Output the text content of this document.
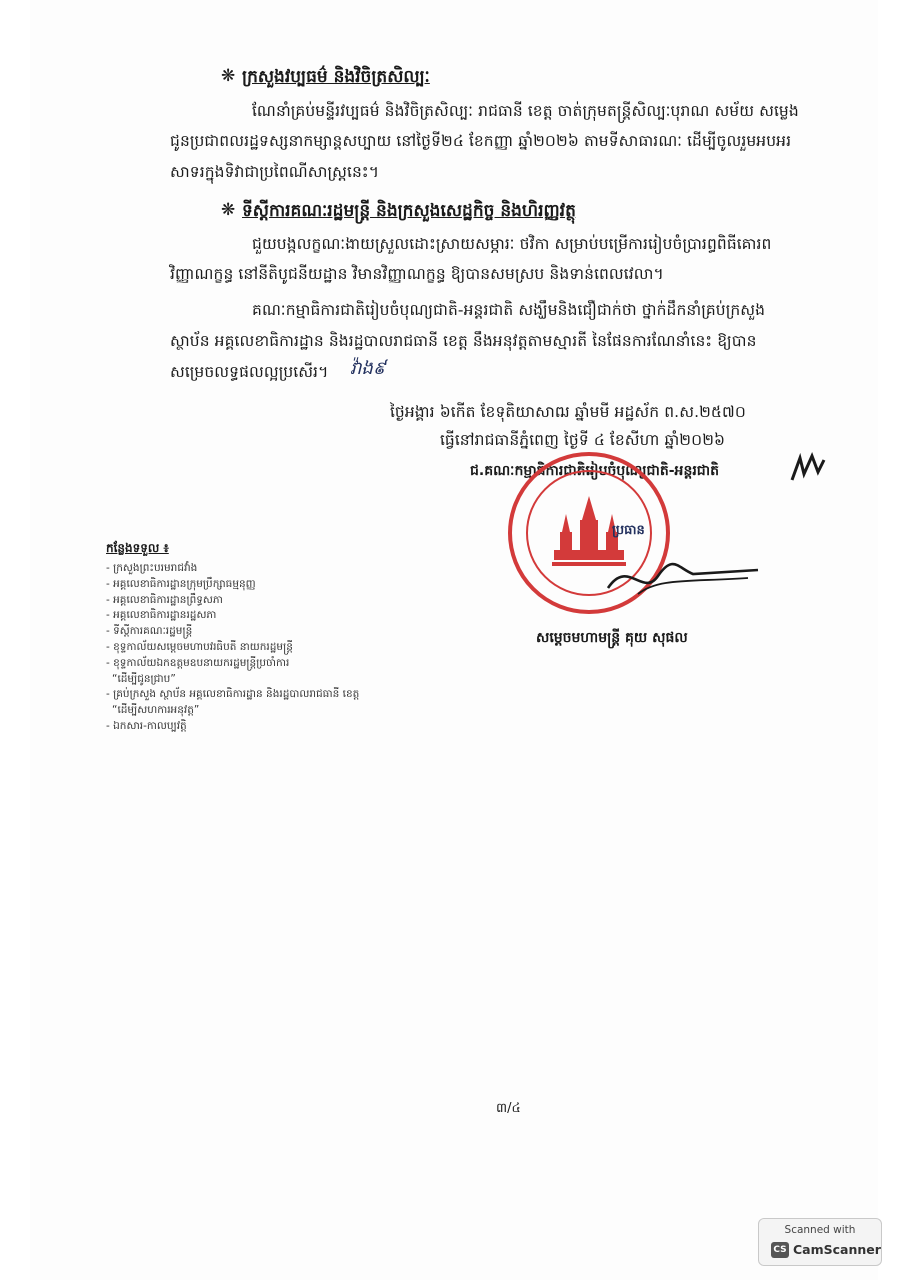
❋ ក្រសួងវប្បធម៌ និងវិចិត្រសិល្បៈ
ណែនាំគ្រប់មន្ទីរវប្បធម៌ និងវិចិត្រសិល្បៈ រាជធានី ខេត្ត ចាត់ក្រុមតន្ត្រីសិល្បៈបុរាណ សម័យ សម្លេង
ជូនប្រជាពលរដ្ឋទស្សនាកម្សាន្តសប្បាយ នៅថ្ងៃទី២៤ ខែកញ្ញា ឆ្នាំ២០២៦ តាមទីសាធារណៈ ដើម្បីចូលរួមអបអរ
សាទរក្នុងទិវាជាប្រពៃណីសាស្ត្រនេះ។
❋ ទីស្ដីការគណៈរដ្ឋមន្ត្រី និងក្រសួងសេដ្ឋកិច្ច និងហិរញ្ញវត្ថុ
ជួយបង្កលក្ខណៈងាយស្រួលដោះស្រាយសម្ភារៈ ថវិកា សម្រាប់បម្រើការរៀបចំប្រារព្ធពិធីគោរព
វិញ្ញាណក្ខន្ធ នៅនីតិបូជនីយដ្ឋាន វិមានវិញ្ញាណក្ខន្ធ ឱ្យបានសមស្រប និងទាន់ពេលវេលា។
គណៈកម្មាធិការជាតិរៀបចំបុណ្យជាតិ-អន្តរជាតិ សង្ឃឹមនិងជឿជាក់ថា ថ្នាក់ដឹកនាំគ្រប់ក្រសួង
ស្ថាប័ន អគ្គលេខាធិការដ្ឋាន និងរដ្ឋបាលរាជធានី ខេត្ត នឹងអនុវត្តតាមស្មារតី នៃផែនការណែនាំនេះ ឱ្យបាន
សម្រេចលទ្ធផលល្អប្រសើរ។ វ៉ាង៩
ថ្ងៃអង្គារ ៦កើត ខែទុតិយាសាឍ ឆ្នាំមមី អដ្ឋស័ក ព.ស.២៥៧០
ធ្វើនៅរាជធានីភ្នំពេញ ថ្ងៃទី ៤ ខែសីហា ឆ្នាំ២០២៦
ជ.គណៈកម្មាធិការជាតិរៀបចំបុណ្យជាតិ-អន្តរជាតិ
ប្រធាន
សម្តេចមហាមន្ត្រី គុយ សុផល
កន្លែងទទួល ៖
- ក្រសួងព្រះបរមរាជវាំង
- អគ្គលេខាធិការដ្ឋានក្រុមប្រឹក្សាធម្មនុញ្ញ
- អគ្គលេខាធិការដ្ឋានព្រឹទ្ធសភា
- អគ្គលេខាធិការដ្ឋានរដ្ឋសភា
- ទីស្ដីការគណៈរដ្ឋមន្ត្រី
- ខុទ្ទកាល័យសម្តេចមហាបវរធិបតី នាយករដ្ឋមន្ត្រី
- ខុទ្ទកាល័យឯកឧត្តមឧបនាយករដ្ឋមន្ត្រីប្រចាំការ
“ដើម្បីជូនជ្រាប”
- គ្រប់ក្រសួង ស្ថាប័ន អគ្គលេខាធិការដ្ឋាន និងរដ្ឋបាលរាជធានី ខេត្ត
“ដើម្បីសហការអនុវត្ត”
- ឯកសារ-កាលប្បវត្តិ
៣/៤
Scanned with
CS CamScanner
